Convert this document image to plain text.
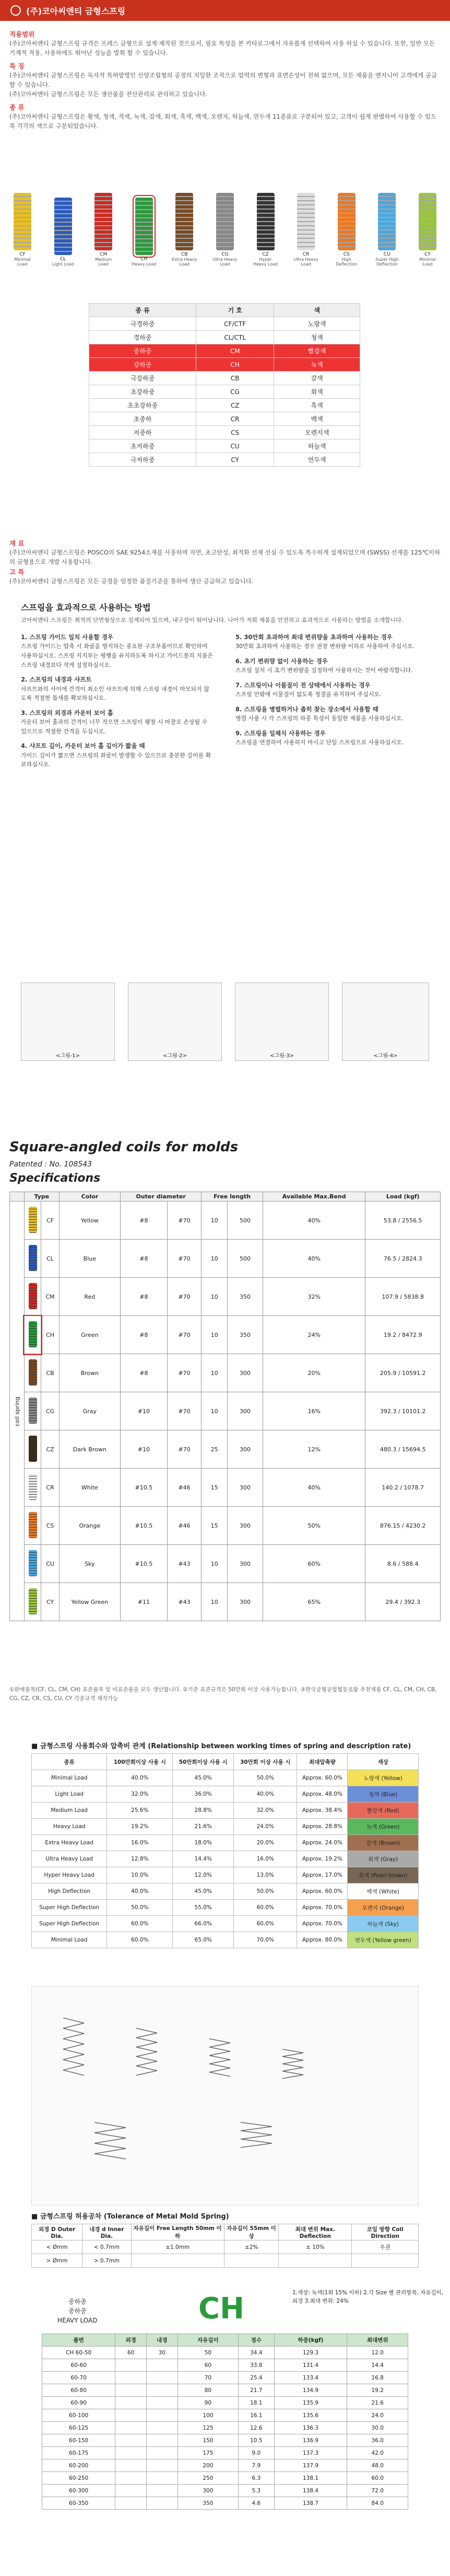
(주)코아씨앤티 금형스프링
적용범위

(주)코아씨앤티 금형스프링 규격은 프레스 금형으로 설계·제작된 것으로서, 필요 특성을 본 카타로그에서 자유롭게 선택하여 사용 하실 수 있습니다. 또한, 일반 모든 기계적 적용, 사용하에도 뛰어난 성능을 발휘 할 수 있습니다.

특 징

(주)코아씨앤티 금형스프링은 독자적 특허발명인 신양조립형의 공정의 치밀한 조직으로 압력의 변형과 표면손상이 전혀 없으며, 모든 제품을 엔지니어 고객에게 공급할 수 있습니다.

(주)코아씨앤티 금형스프링은 모든 생산품을 전산관리로 관리하고 있습니다.

종 류

(주)코아씨앤티 금형스프링은 황색, 청색, 적색, 녹색, 갈색, 회색, 흑색, 백색, 오렌지, 하늘색, 연두색 11종류로 구분되어 있고, 고객이 쉽게 판별하여 사용할 수 있도록 각각의 색으로 구분되었습니다.

CF
Minimal Load
CL
Light Load
CM
Medium Load
CH
Heavy Load
CB
Extra Heavy Load
CG
Ultra Heavy Load
CZ
Hyper Heavy Load
CR
Ultra Heavy Load
CS
High Deflection
CU
Super High Deflection
CY
Minimal Load
종 류	기 호	색
극경하중	CF/CTF	노랑색
경하중	CL/CTL	청색
중하중	CM	빨강색
강하중	CH	녹색
극강하중	CB	갈색
초강하중	CG	회색
초초강하중	CZ	흑색
초중하	CR	백색
저중하	CS	오렌지색
초저하중	CU	하늘색
극저하중	CY	연두색
재 료

(주)코아씨앤티 금형스프링은 POSCO의 SAE 9254소재를 사용하며 자연, 초고탄성, 최적화 선재 선심 수 있도록 특수하게 설계되었으며 (SWSS) 선재를 125℃이하의 금형용으로 개발 사용합니다.

고 특

(주)코아씨앤티 금형스프링은 모든 공정을 엄정한 품질기준을 통하여 생산 공급하고 있습니다.

스프링을 효과적으로 사용하는 방법
코아씨앤티 스프링은 최적의 단면형상으로 설계되어 있으며, 내구성이 뛰어납니다. 나아가 저희 제품을 안전하고 효과적으로 사용하는 방법을 소개합니다.
1. 스프링 가이드 일치 사용할 경우

스프링 가이드는 압축 시 좌굴을 방지하는 중요한 구조부품이므로 확인하여 사용하십시오. 스프링 지지부는 평행을 유지하도록 하시고 가이드봉의 지름은 스프링 내경보다 작게 설정하십시오.

2. 스프링의 내경과 샤프트

샤프트와의 사이에 간격이 최소인 샤프트에 의해 스프링 내경이 마모되지 않도록 적절한 틈새를 확보하십시오.

3. 스프링의 외경과 카운터 보어 홀

카운터 보어 홀과의 간격이 너무 작으면 스프링이 팽창 시 마찰로 손상될 수 있으므로 적절한 간격을 두십시오.

4. 샤프트 길이, 카운터 보어 홀 깊이가 짧을 때

가이드 길이가 짧으면 스프링의 좌굴이 발생할 수 있으므로 충분한 길이를 확보하십시오.

5. 30만회 초과하여 최대 변위량을 초과하여 사용하는 경우

30만회 초과하여 사용하는 경우 권장 변위량 이하로 사용하여 주십시오.

6. 초기 변위량 없이 사용하는 경우

스프링 설치 시 초기 변위량을 설정하여 사용하시는 것이 바람직합니다.

7. 스프링이나 이물질이 전 상태에서 사용하는 경우

스프링 안팎에 이물질이 없도록 청결을 유지하여 주십시오.

8. 스프링을 병렬하거나 좁히 찾는 장소에서 사용할 때

병렬 사용 시 각 스프링의 하중 특성이 동일한 제품을 사용하십시오.

9. 스프링을 일체식 사용하는 경우

스프링을 연결하여 사용하지 마시고 단일 스프링으로 사용하십시오.

<그림-1>	<그림-2>	<그림-3>	<그림-4>
Square-angled coils for molds
Patented : No. 108543
Specifications
	Type		Color	Outer diameter		Free length		Available Max.Bend	Load (kgf)
coil spring		CF	Yellow	#8	#70	10	500	40%	53.8 / 2556.5
		CL	Blue	#8	#70	10	500	40%	76.5 / 2824.3
		CM	Red	#8	#70	10	350	32%	107.9 / 5838.8
		CH	Green	#8	#70	10	350	24%	19.2 / 8472.9
		CB	Brown	#8	#70	10	300	20%	205.9 / 10591.2
		CG	Gray	#10	#70	10	300	16%	392.3 / 10101.2
		CZ	Dark Brown	#10	#70	25	300	12%	480.3 / 15694.5
		CR	White	#10.5	#46	15	300	40%	140.2 / 1078.7
		CS	Orange	#10.5	#46	15	300	50%	876.15 / 4230.2
		CU	Sky	#10.5	#43	10	300	60%	8.6 / 588.4
		CY	Yellow Green	#11	#43	10	300	65%	29.4 / 392.3
①판매품목(CF, CL, CM, CH) 표준품목 및 비표준품을 모두 생산합니다. ②기준 표준규격은 50만회 이상 사용가능합니다. ③한국금형공업협동조합 추천제품 CF, CL, CM, CH, CB, CG, CZ, CR, CS, CU, CY 각종규격 제작가능
■ 금형스프링 사용회수와 압축비 관계 (Relationship between working times of spring and description rate)
종류	100만회이상 사용 시	50만회이상 사용 시	30만회 이상 사용 시	최대압축량	색상
Minimal Load	40.0%	45.0%	50.0%	Approx. 60.0%	노랑색 (Yellow)
Light Load	32.0%	36.0%	40.0%	Approx. 48.0%	청색 (Blue)
Medium Load	25.6%	28.8%	32.0%	Approx. 38.4%	빨강색 (Red)
Heavy Load	19.2%	21.6%	24.0%	Approx. 28.8%	녹색 (Green)
Extra Heavy Load	16.0%	18.0%	20.0%	Approx. 24.0%	갈색 (Brown)
Ultra Heavy Load	12.8%	14.4%	16.0%	Approx. 19.2%	회색 (Gray)
Hyper Heavy Load	10.0%	12.0%	13.0%	Approx. 17.0%	흑색 (Pearl brown)
High Deflection	40.0%	45.0%	50.0%	Approx. 60.0%	백색 (White)
Super High Deflection	50.0%	55.0%	60.0%	Approx. 70.0%	오렌지 (Orange)
Super High Deflection	60.0%	66.0%	60.0%	Approx. 70.0%	하늘색 (Sky)
Minimal Load	60.0%	65.0%	70.0%	Approx. 80.0%	연두색 (Yellow green)
■ 금형스프링 허용공차 (Tolerance of Metal Mold Spring)
외경 D Outer Dia.	내경 d Inner Dia.	자유길이 Free Length 50mm 이하	자유길이 55mm 이상	최대 변위 Max. Deflection	코일 방향 Coil Direction
< Ømm	< 0.7mm	±1.0mm	±2%	± 10%	우권
> Ømm	> 0.7mm				
중하중
중하중
HEAVY LOAD	CH	1.색상: 녹색(1회 15% 이하) 2.각 Size 별 관리항목, 자유길이, 외경 3.최대 변위: 24%
품번	외경	내경	자유길이	정수	하중(kgf)	최대변위
CH 60-50	60	30	50	34.4	129.3	12.0
60-60			60	33.8	131.4	14.4
60-70			70	25.4	133.4	16.8
60-80			80	21.7	134.9	19.2
60-90			90	18.1	135.9	21.6
60-100			100	16.1	135.6	24.0
60-125			125	12.6	136.3	30.0
60-150			150	10.5	136.9	36.0
60-175			175	9.0	137.3	42.0
60-200			200	7.9	137.9	48.0
60-250			250	6.3	138.1	60.0
60-300			300	5.3	138.4	72.0
60-350			350	4.6	138.7	84.0
